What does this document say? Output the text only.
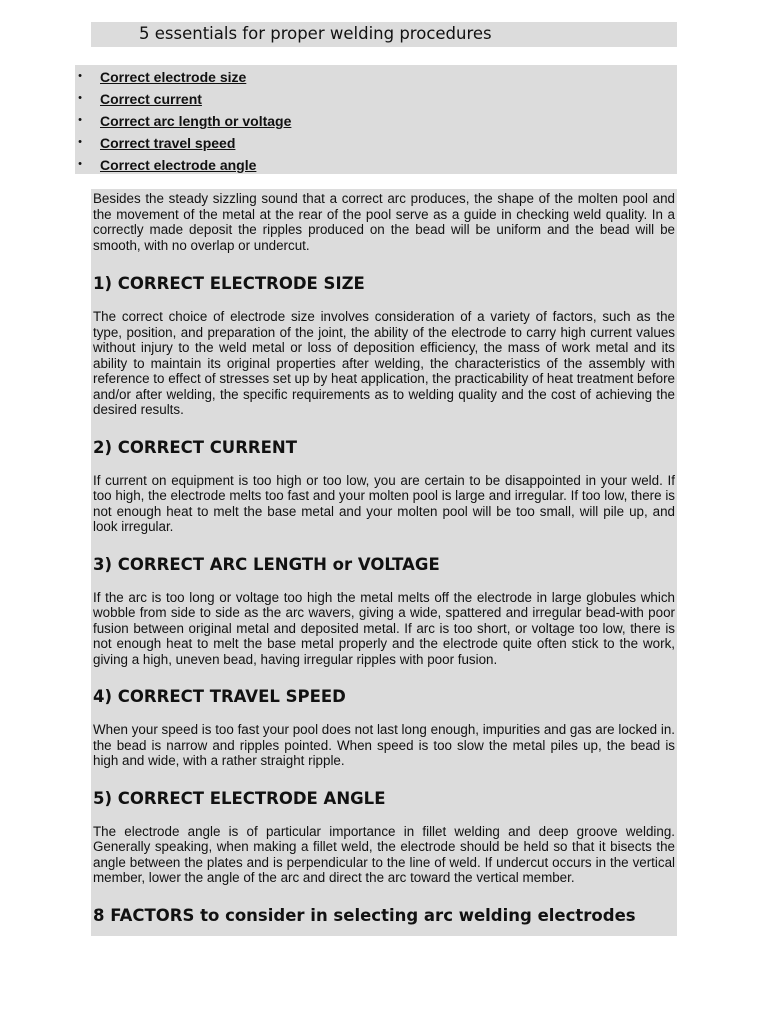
5 essentials for proper welding procedures
• Correct electrode size
• Correct current
• Correct arc length or voltage
• Correct travel speed
• Correct electrode angle

Besides the steady sizzling sound that a correct arc produces, the shape of the molten pool and the movement of the metal at the rear of the pool serve as a guide in checking weld quality. In a correctly made deposit the ripples produced on the bead will be uniform and the bead will be smooth, with no overlap or undercut.

1) CORRECT ELECTRODE SIZE

The correct choice of electrode size involves consideration of a variety of factors, such as the type, position, and preparation of the joint, the ability of the electrode to carry high current values without injury to the weld metal or loss of deposition efficiency, the mass of work metal and its ability to maintain its original properties after welding, the characteristics of the assembly with reference to effect of stresses set up by heat application, the practicability of heat treatment before and/or after welding, the specific requirements as to welding quality and the cost of achieving the desired results.

2) CORRECT CURRENT

If current on equipment is too high or too low, you are certain to be disappointed in your weld. If too high, the electrode melts too fast and your molten pool is large and irregular. If too low, there is not enough heat to melt the base metal and your molten pool will be too small, will pile up, and look irregular.

3) CORRECT ARC LENGTH or VOLTAGE

If the arc is too long or voltage too high the metal melts off the electrode in large globules which wobble from side to side as the arc wavers, giving a wide, spattered and irregular bead-with poor fusion between original metal and deposited metal. If arc is too short, or voltage too low, there is not enough heat to melt the base metal properly and the electrode quite often stick to the work, giving a high, uneven bead, having irregular ripples with poor fusion.

4) CORRECT TRAVEL SPEED

When your speed is too fast your pool does not last long enough, impurities and gas are locked in. the bead is narrow and ripples pointed. When speed is too slow the metal piles up, the bead is high and wide, with a rather straight ripple.

5) CORRECT ELECTRODE ANGLE

The electrode angle is of particular importance in fillet welding and deep groove welding. Generally speaking, when making a fillet weld, the electrode should be held so that it bisects the angle between the plates and is perpendicular to the line of weld. If undercut occurs in the vertical member, lower the angle of the arc and direct the arc toward the vertical member.

8 FACTORS to consider in selecting arc welding electrodes
